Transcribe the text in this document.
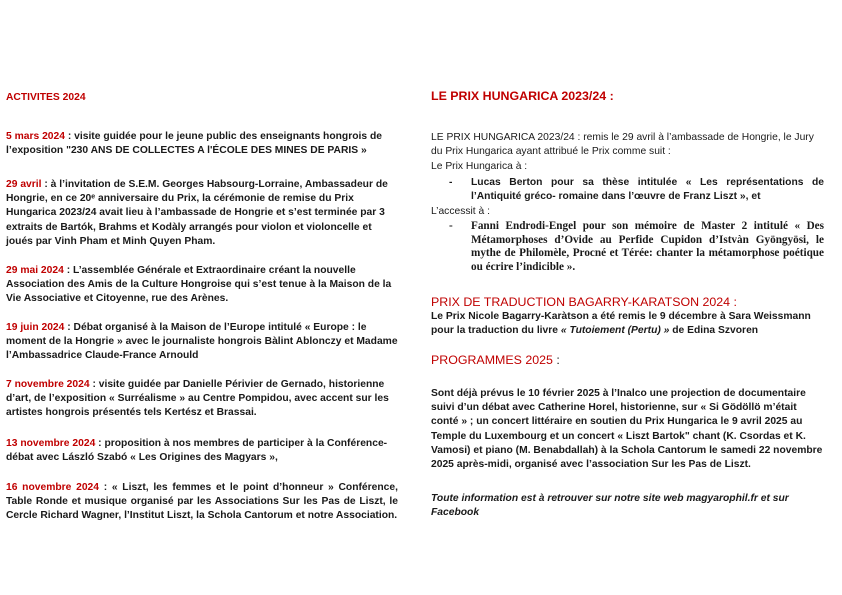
ACTIVITES 2024
5 mars 2024 : visite guidée pour le jeune public des enseignants hongrois de l’exposition "230 ANS DE COLLECTES A l'ÉCOLE DES MINES DE PARIS »
29 avril : à l’invitation de S.E.M. Georges Habsourg-Lorraine, Ambassadeur de Hongrie, en ce 20ᵉ anniversaire du Prix, la cérémonie de remise du Prix Hungarica 2023/24 avait lieu à l’ambassade de Hongrie et s’est terminée par 3 extraits de Bartók, Brahms et Kodàly arrangés pour violon et violoncelle et joués par Vinh Pham et Minh Quyen Pham.
29 mai 2024 : L’assemblée Générale et Extraordinaire créant la nouvelle Association des Amis de la Culture Hongroise qui s’est tenue à la Maison de la Vie Associative et Citoyenne, rue des Arènes.
19 juin 2024 : Débat organisé à la Maison de l’Europe intitulé « Europe : le moment de la Hongrie » avec le journaliste hongrois Bàlint Ablonczy et Madame l’Ambassadrice Claude-France Arnould
7 novembre 2024 : visite guidée par Danielle Périvier de Gernado, historienne d’art, de l’exposition « Surréalisme » au Centre Pompidou, avec accent sur les artistes hongrois présentés tels Kertész et Brassai.
13 novembre 2024 : proposition à nos membres de participer à la Conférence-débat avec László Szabó « Les Origines des Magyars »,
16 novembre 2024 : « Liszt, les femmes et le point d’honneur » Conférence, Table Ronde et musique organisé par les Associations Sur les Pas de Liszt, le Cercle Richard Wagner, l’Institut Liszt, la Schola Cantorum et notre Association.
LE PRIX HUNGARICA 2023/24 :
LE PRIX HUNGARICA 2023/24 : remis le 29 avril à l’ambassade de Hongrie, le Jury du Prix Hungarica ayant attribué le Prix comme suit :
Le Prix Hungarica à :
- Lucas Berton pour sa thèse intitulée « Les représentations de l’Antiquité gréco- romaine dans l’œuvre de Franz Liszt », et
L’accessit à :
- Fanni Endrodi-Engel pour son mémoire de Master 2 intitulé « Des Métamorphoses d’Ovide au Perfide Cupidon d’Istvàn Gyöngyösi, le mythe de Philomèle, Procné et Térée: chanter la métamorphose poétique ou écrire l’indicible ».
PRIX DE TRADUCTION BAGARRY-KARATSON 2024 :
Le Prix Nicole Bagarry-Karàtson a été remis le 9 décembre à Sara Weissmann pour la traduction du livre « Tutoiement (Pertu) » de Edina Szvoren
PROGRAMMES 2025 :
Sont déjà prévus le 10 février 2025 à l’Inalco une projection de documentaire suivi d’un débat avec Catherine Horel, historienne, sur « Si Gödöllö m’était conté » ; un concert littéraire en soutien du Prix Hungarica le 9 avril 2025 au Temple du Luxembourg et un concert « Liszt Bartok" chant (K. Csordas et K. Vamosi) et piano (M. Benabdallah) à la Schola Cantorum le samedi 22 novembre 2025 après-midi, organisé avec l’association Sur les Pas de Liszt.
Toute information est à retrouver sur notre site web magyarophil.fr et sur Facebook
